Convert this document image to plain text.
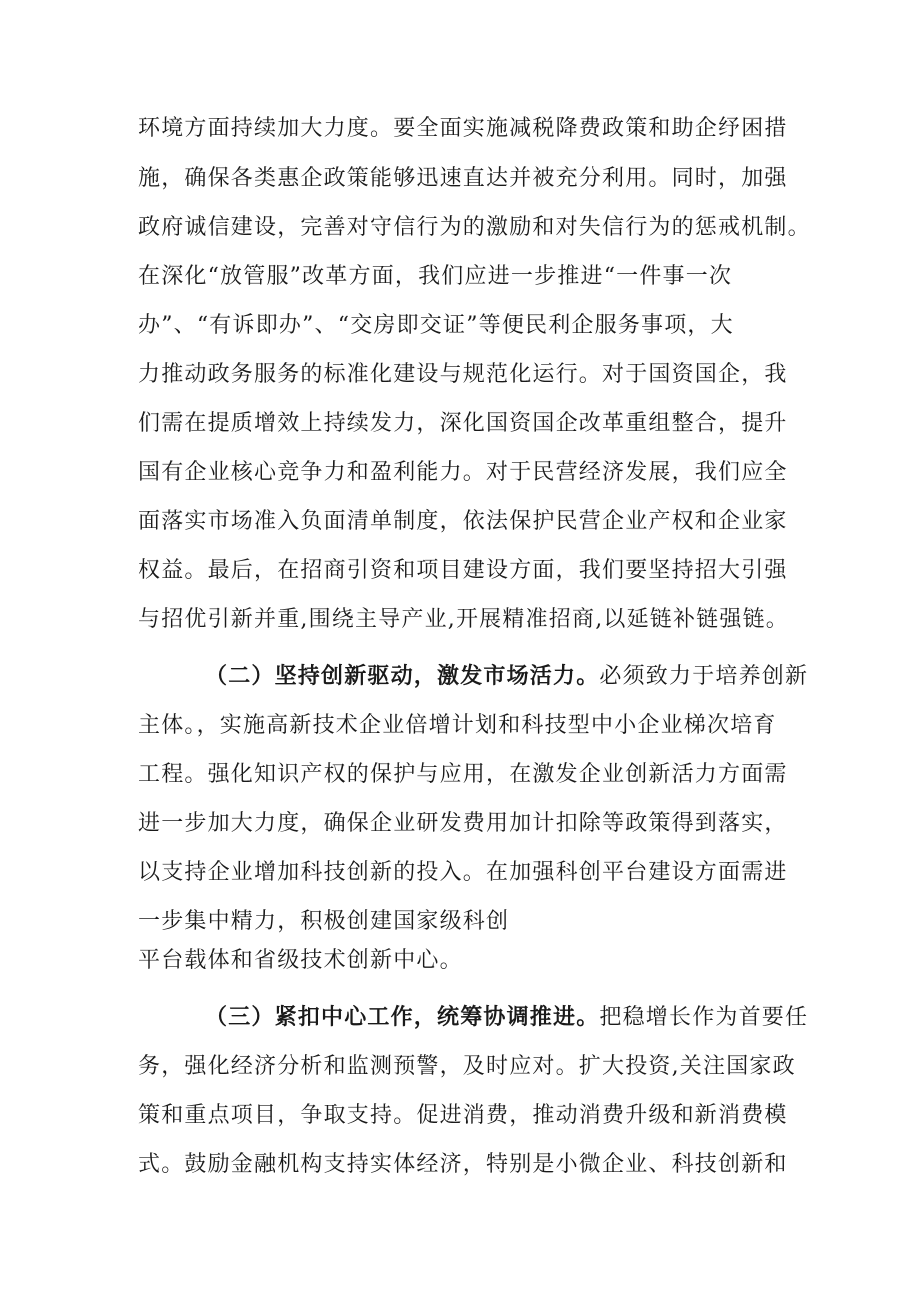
环境方面持续加大力度。要全面实施减税降费政策和助企纾困措
施，确保各类惠企政策能够迅速直达并被充分利用。同时，加强
政府诚信建设，完善对守信行为的激励和对失信行为的惩戒机制。
在深化“放管服”改革方面，我们应进一步推进“一件事一次
办”、“有诉即办”、“交房即交证”等便民利企服务事项，大
力推动政务服务的标准化建设与规范化运行。对于国资国企，我
们需在提质增效上持续发力，深化国资国企改革重组整合，提升
国有企业核心竞争力和盈利能力。对于民营经济发展，我们应全
面落实市场准入负面清单制度，依法保护民营企业产权和企业家
权益。最后，在招商引资和项目建设方面，我们要坚持招大引强
与招优引新并重,围绕主导产业,开展精准招商,以延链补链强链。
（二）坚持创新驱动，激发市场活力。必须致力于培养创新
主体。，实施高新技术企业倍增计划和科技型中小企业梯次培育
工程。强化知识产权的保护与应用，在激发企业创新活力方面需
进一步加大力度，确保企业研发费用加计扣除等政策得到落实，
以支持企业增加科技创新的投入。在加强科创平台建设方面需进
一步集中精力，积极创建国家级科创
平台载体和省级技术创新中心。
（三）紧扣中心工作，统筹协调推进。把稳增长作为首要任
务，强化经济分析和监测预警，及时应对。扩大投资,关注国家政
策和重点项目，争取支持。促进消费，推动消费升级和新消费模
式。鼓励金融机构支持实体经济，特别是小微企业、科技创新和
